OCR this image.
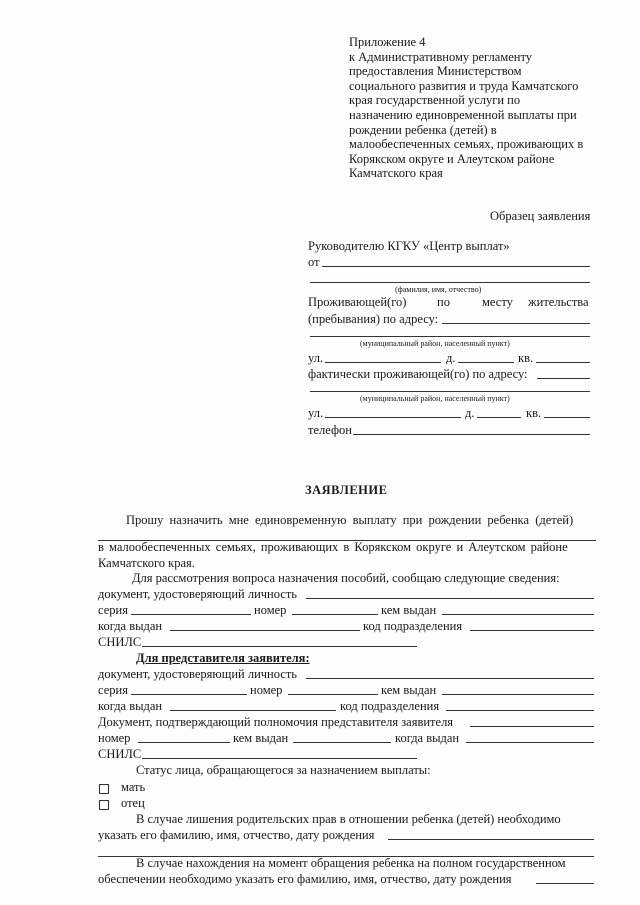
Приложение 4
к Административному регламенту
предоставления Министерством
социального развития и труда Камчатского
края государственной услуги по
назначению единовременной выплаты при
рождении ребенка (детей) в
малообеспеченных семьях, проживающих в
Корякском округе и Алеутском районе
Камчатского края
Образец заявления
Руководителю КГКУ «Центр выплат»
от
(фамилия, имя, отчество)
Проживающей(го) по	месту жительства
(пребывания) по адресу:
(муниципальный район, населенный пункт)
ул.	д.	кв.
фактически проживающей(го) по адресу:
(муниципальный район, населенный пункт)
ул.	д.	кв.
телефон
ЗАЯВЛЕНИЕ
Прошу назначить мне единовременную выплату при рождении ребенка (детей)
в малообеспеченных семьях, проживающих в Корякском округе и Алеутском районе
Камчатского края.
Для рассмотрения вопроса назначения пособий, сообщаю следующие сведения:
документ, удостоверяющий личность
серия	номер	кем выдан
когда выдан	код подразделения
СНИЛС
Для представителя заявителя:
документ, удостоверяющий личность
серия	номер	кем выдан
когда выдан	код подразделения
Документ, подтверждающий полномочия представителя заявителя
номер	кем выдан	когда выдан
СНИЛС
Статус лица, обращающегося за назначением выплаты:
мать
отец
В случае лишения родительских прав в отношении ребенка (детей) необходимо
указать его фамилию, имя, отчество, дату рождения
В случае нахождения на момент обращения ребенка на полном государственном
обеспечении необходимо указать его фамилию, имя, отчество, дату рождения
